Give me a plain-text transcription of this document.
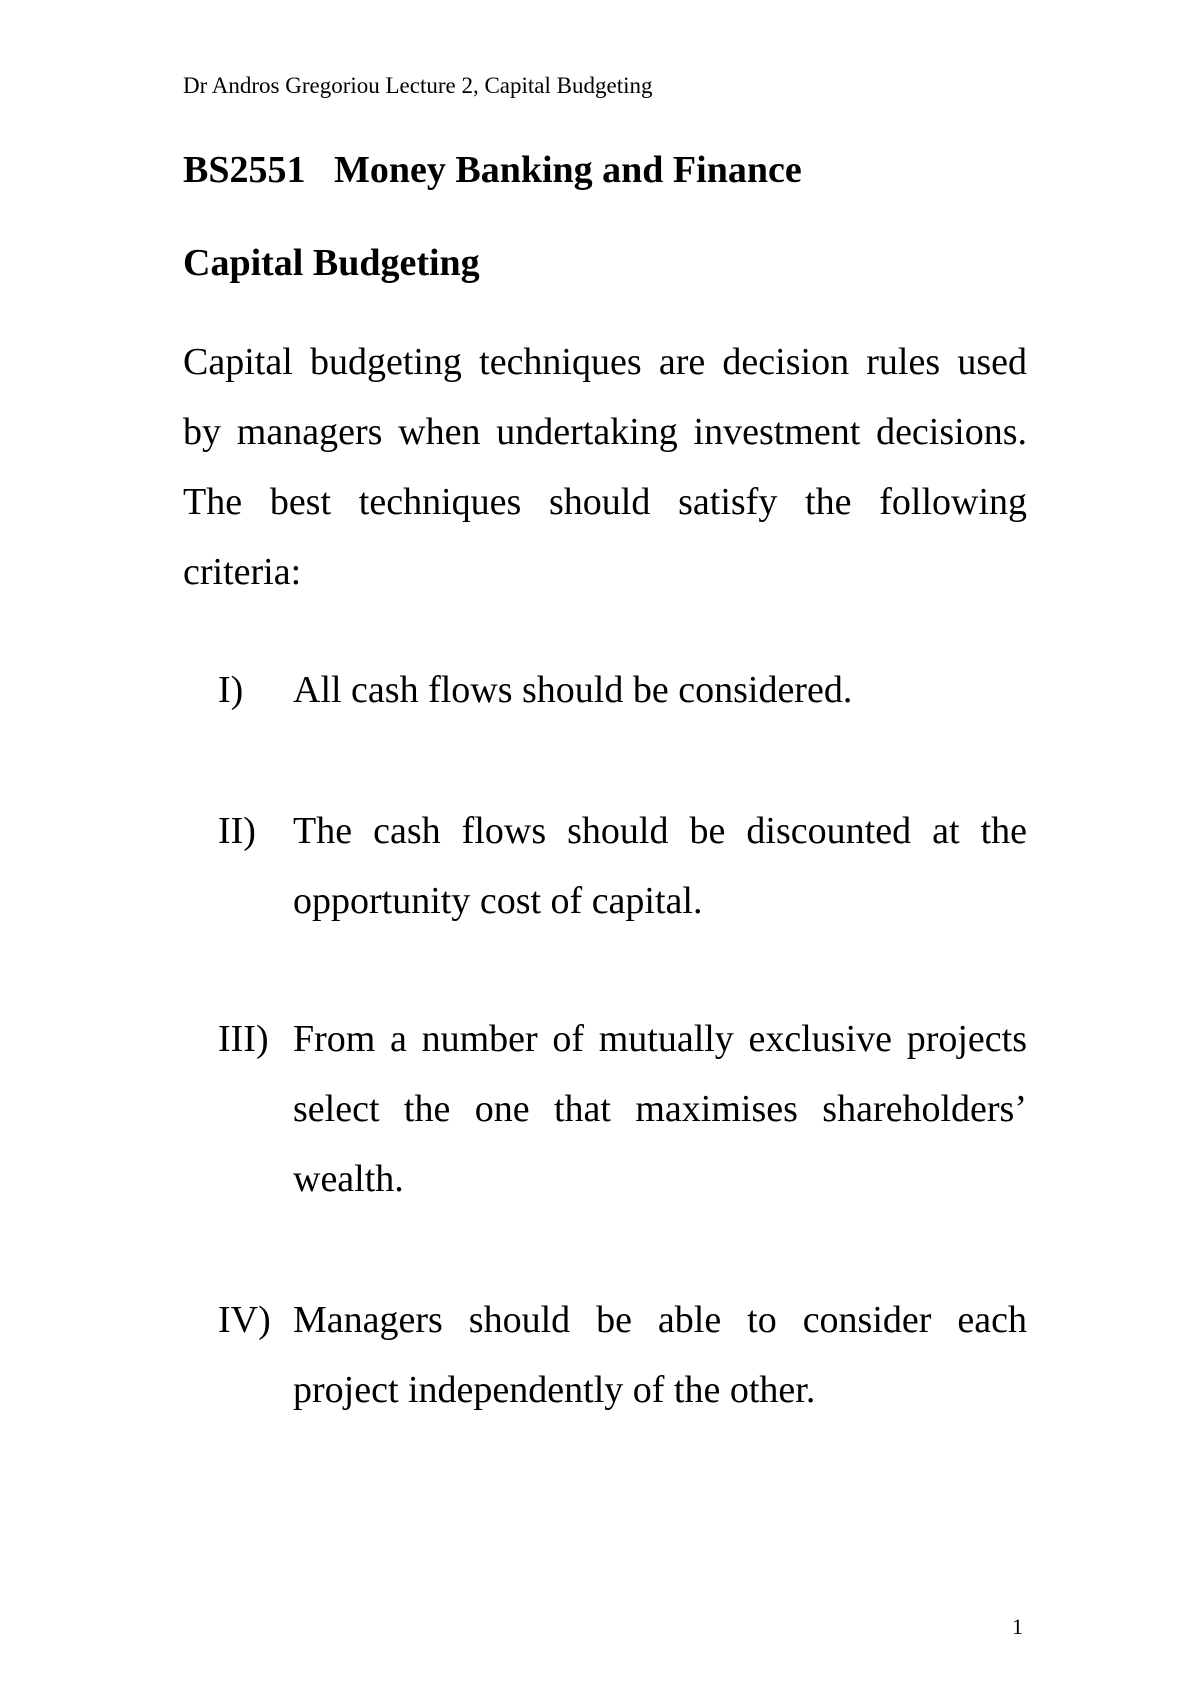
Dr Andros Gregoriou Lecture 2, Capital Budgeting
BS2551   Money Banking and Finance
Capital Budgeting

Capital budgeting techniques are decision rules used by managers when undertaking investment decisions. The best techniques should satisfy the following criteria:

I) All cash flows should be considered.

II) The cash flows should be discounted at the opportunity cost of capital.

III) From a number of mutually exclusive projects select the one that maximises shareholders’ wealth.

IV) Managers should be able to consider each project independently of the other.

1
